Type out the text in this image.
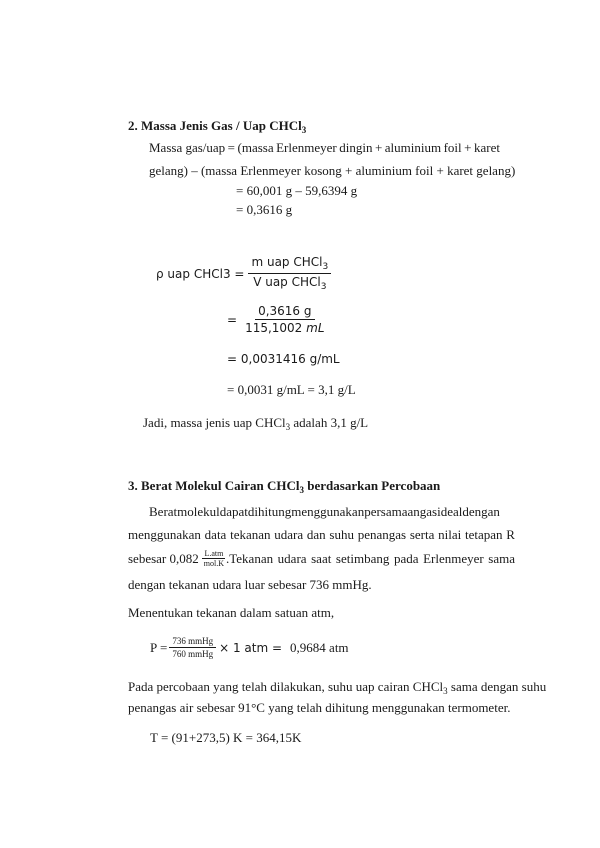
2. Massa Jenis Gas / Uap CHCl$_3$
Massa gas/uap = (massa Erlenmeyer dingin + aluminium foil + karet
gelang) – (massa Erlenmeyer kosong + aluminium foil + karet gelang)
= 60,001 g – 59,6394 g
= 0,3616 g
ρ uap CHCl3 = $\frac{m uap CHCl_3}{V uap CHCl_3}$
= $\frac{0,3616 g}{115,1002 mL}$
= 0,0031416 g/mL
= 0,0031 g/mL = 3,1 g/L
Jadi, massa jenis uap CHCl$_3$ adalah 3,1 g/L
3. Berat Molekul Cairan CHCl$_3$ berdasarkan Percobaan
Berat molekul dapat dihitung menggunakan persamaan gas ideal dengan
menggunakan data tekanan udara dan suhu penangas serta nilai tetapan R
sebesar $0,082 \frac{\text{L.atm}}{\text{mol.K}}$ .Tekanan udara saat setimbang pada Erlenmeyer sama
dengan tekanan udara luar sebesar 736 mmHg.
Menentukan tekanan dalam satuan atm,
$P = \frac{\text{736 mmHg}}{\text{760 mmHg}} \times 1$ atm = 0,9684 atm
Pada percobaan yang telah dilakukan, suhu uap cairan CHCl$_3$ sama dengan suhu
penangas air sebesar 91°C yang telah dihitung menggunakan termometer.
T = (91+273,5) K = 364,15K
